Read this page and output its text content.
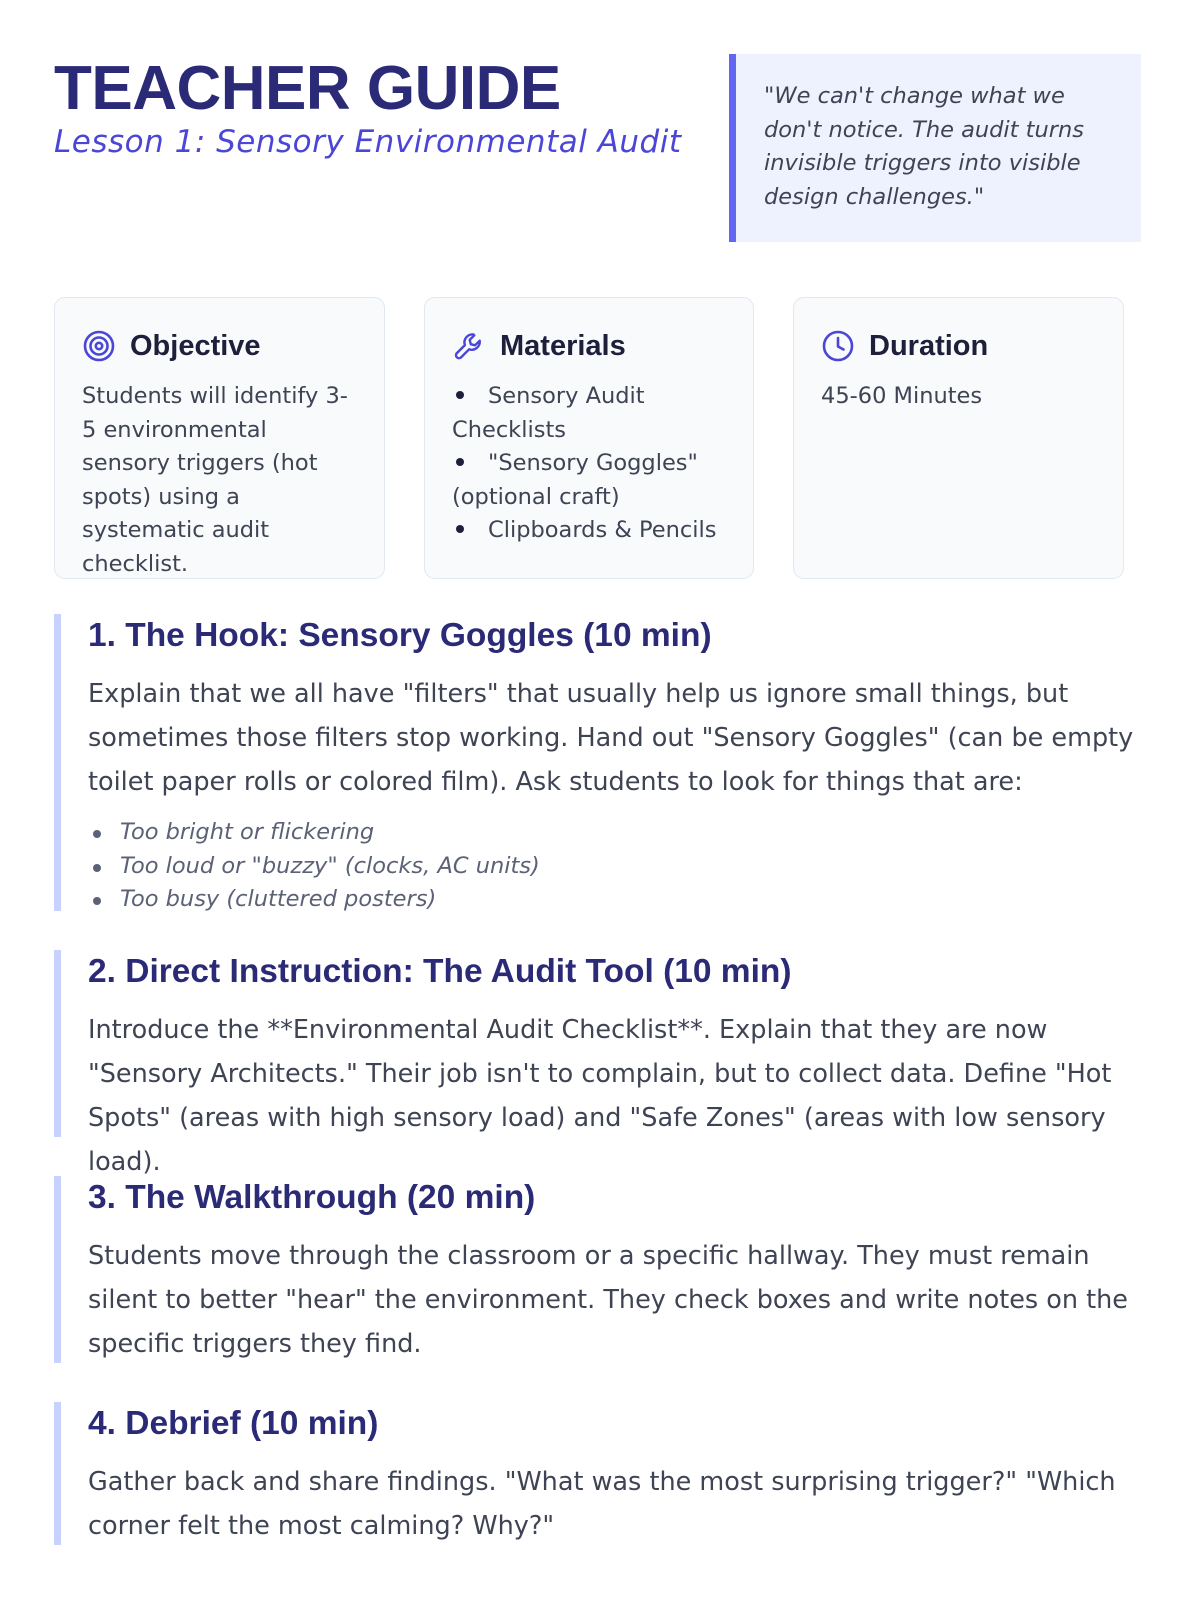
TEACHER GUIDE
Lesson 1: Sensory Environmental Audit
"We can't change what we don't notice. The audit turns invisible triggers into visible design challenges."
Objective
Students will identify 3-5 environmental sensory triggers (hot spots) using a systematic audit checklist.
Materials
Sensory Audit Checklists
"Sensory Goggles" (optional craft)
Clipboards & Pencils
Duration
45-60 Minutes
1. The Hook: Sensory Goggles (10 min)
Explain that we all have "filters" that usually help us ignore small things, but sometimes those filters stop working. Hand out "Sensory Goggles" (can be empty toilet paper rolls or colored film). Ask students to look for things that are:
Too bright or flickering
Too loud or "buzzy" (clocks, AC units)
Too busy (cluttered posters)
2. Direct Instruction: The Audit Tool (10 min)
Introduce the **Environmental Audit Checklist**. Explain that they are now "Sensory Architects." Their job isn't to complain, but to collect data. Define "Hot Spots" (areas with high sensory load) and "Safe Zones" (areas with low sensory load).
3. The Walkthrough (20 min)
Students move through the classroom or a specific hallway. They must remain silent to better "hear" the environment. They check boxes and write notes on the specific triggers they find.
4. Debrief (10 min)
Gather back and share findings. "What was the most surprising trigger?" "Which corner felt the most calming? Why?"
